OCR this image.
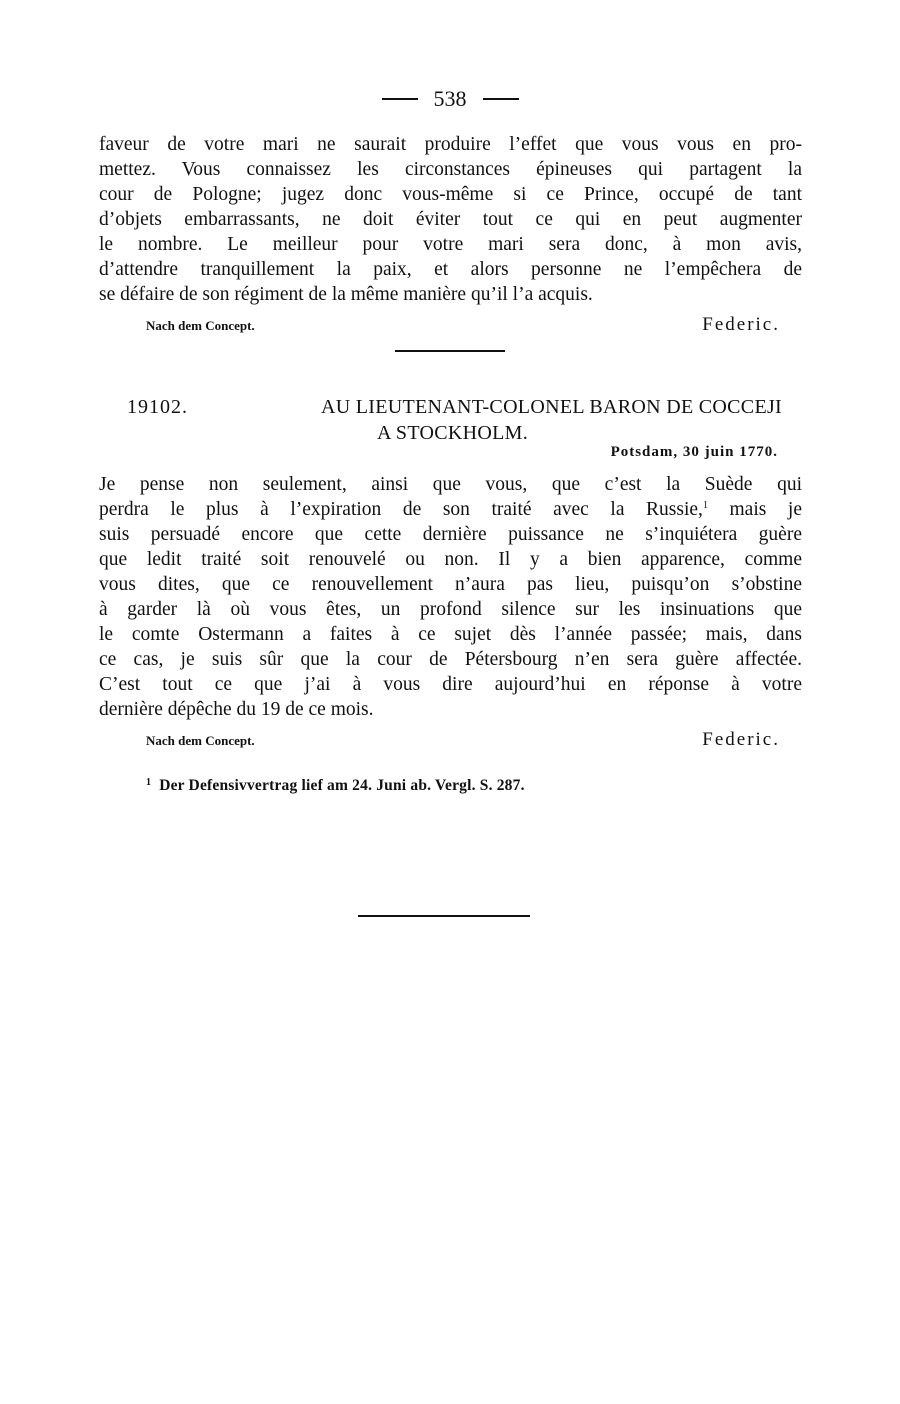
538
faveur de votre mari ne saurait produire l’effet que vous vous en pro-
mettez. Vous connaissez les circonstances épineuses qui partagent la
cour de Pologne; jugez donc vous-même si ce Prince, occupé de tant
d’objets embarrassants, ne doit éviter tout ce qui en peut augmenter
le nombre. Le meilleur pour votre mari sera donc, à mon avis,
d’attendre tranquillement la paix, et alors personne ne l’empêchera de
se défaire de son régiment de la même manière qu’il l’a acquis.
Nach dem Concept.	Federic.
19102.	AU LIEUTENANT-COLONEL BARON DE COCCEJI
A STOCKHOLM.
Potsdam, 30 juin 1770.
Je pense non seulement, ainsi que vous, que c’est la Suède qui
perdra le plus à l’expiration de son traité avec la Russie,$^1$ mais je
suis persuadé encore que cette dernière puissance ne s’inquiétera guère
que ledit traité soit renouvelé ou non. Il y a bien apparence, comme
vous dites, que ce renouvellement n’aura pas lieu, puisqu’on s’obstine
à garder là où vous êtes, un profond silence sur les insinuations que
le comte Ostermann a faites à ce sujet dès l’année passée; mais, dans
ce cas, je suis sûr que la cour de Pétersbourg n’en sera guère affectée.
C’est tout ce que j’ai à vous dire aujourd’hui en réponse à votre
dernière dépêche du 19 de ce mois.
Nach dem Concept.	Federic.
$^1$ Der Defensivvertrag lief am 24. Juni ab. Vergl. S. 287.
